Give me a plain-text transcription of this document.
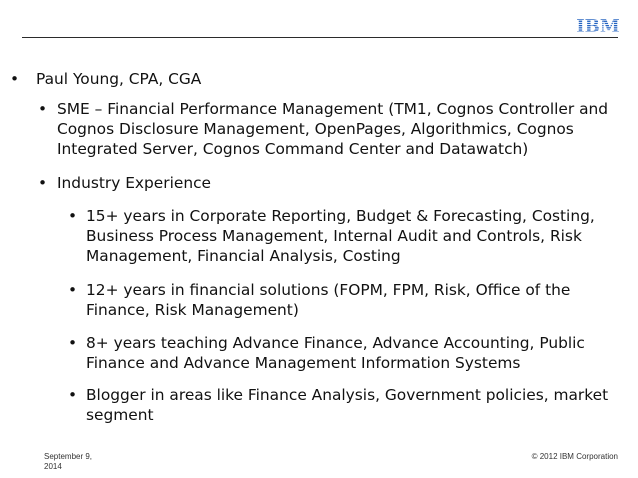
IBM
• Paul Young, CPA, CGA

• SME – Financial Performance Management (TM1, Cognos Controller and

Cognos Disclosure Management, OpenPages, Algorithmics, Cognos

Integrated Server, Cognos Command Center and Datawatch)

• Industry Experience

• 15+ years in Corporate Reporting, Budget & Forecasting, Costing,

Business Process Management, Internal Audit and Controls, Risk

Management, Financial Analysis, Costing

• 12+ years in financial solutions (FOPM, FPM, Risk, Office of the

Finance, Risk Management)

• 8+ years teaching Advance Finance, Advance Accounting, Public

Finance and Advance Management Information Systems

• Blogger in areas like Finance Analysis, Government policies, market

segment

September 9,
2014
© 2012 IBM Corporation
